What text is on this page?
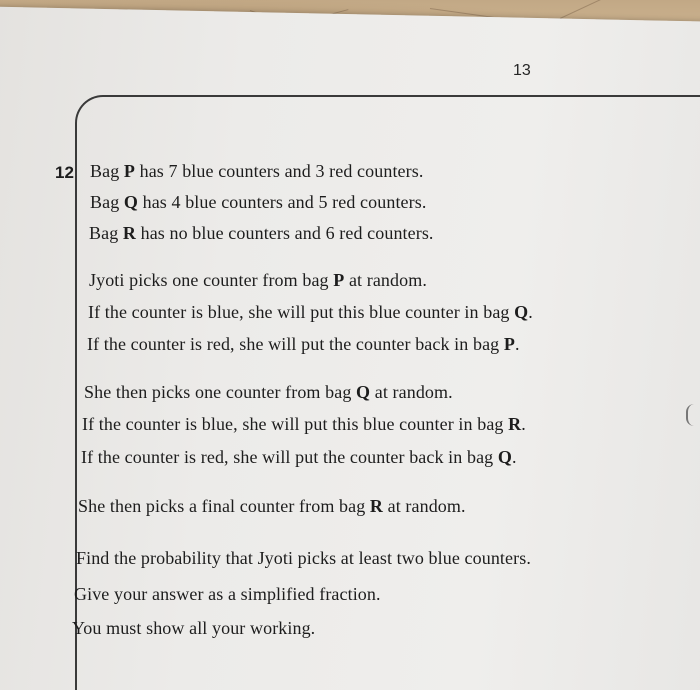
13
12 Bag P has 7 blue counters and 3 red counters.
Bag Q has 4 blue counters and 5 red counters.
Bag R has no blue counters and 6 red counters.
Jyoti picks one counter from bag P at random.
If the counter is blue, she will put this blue counter in bag Q.
If the counter is red, she will put the counter back in bag P.
She then picks one counter from bag Q at random.
If the counter is blue, she will put this blue counter in bag R.
If the counter is red, she will put the counter back in bag Q.
She then picks a final counter from bag R at random.
Find the probability that Jyoti picks at least two blue counters.
Give your answer as a simplified fraction.
You must show all your working.
